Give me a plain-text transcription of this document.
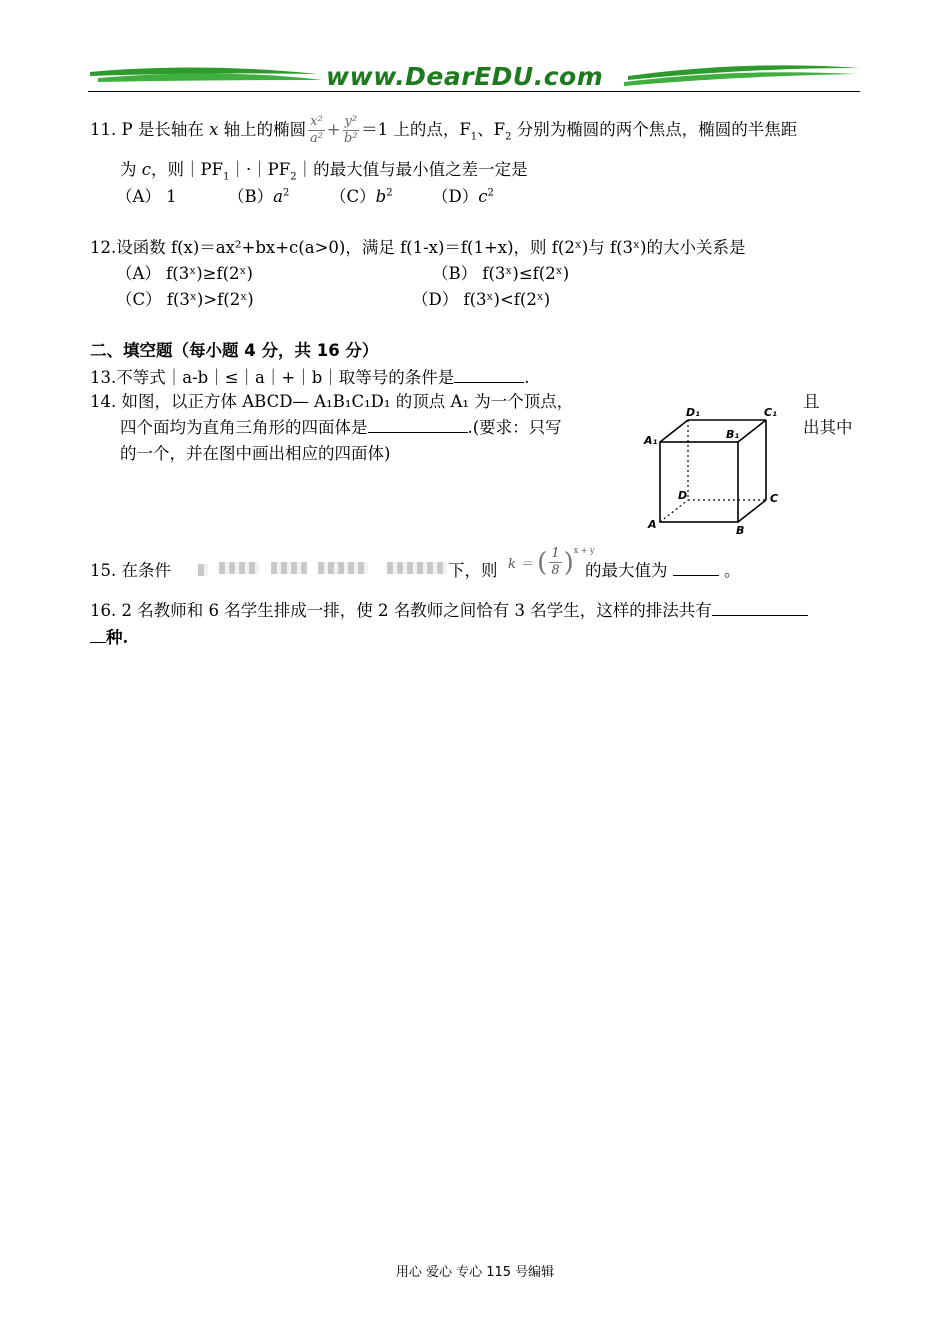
www.DearEDU.com
11. P 是长轴在 x 轴上的椭圆 $\frac{\text{x²}}{\text{a²}} + \frac{\text{y²}}{\text{b²}} =1$ 上的点，$F_1$、$F_2$ 分别为椭圆的两个焦点，椭圆的半焦距
为 c，则$|PF_1|\cdot|PF_2|$的最大值与最小值之差一定是
（A） 1	$(B)a^2$ $(C)b^2$ $(D)c^2$
12.设函数 f(x)＝ax²+bx+c(a>0)，满足 f(1-x)＝f(1+x)，则 f(2ˣ)与 f(3ˣ)的大小关系是
（A） f(3ˣ)≥f(2ˣ)	（B） f(3ˣ)≤f(2ˣ)
（C） f(3ˣ)>f(2ˣ)	（D） f(3ˣ)<f(2ˣ)
二、填空题（每小题 4 分，共 16 分）
13.不等式｜a-b｜≤｜a｜+｜b｜取等号的条件是	.
14. 如图，以正方体 ABCD— A₁B₁C₁D₁ 的顶点 A₁ 为一个顶点，	且
四个面均为直角三角形的四面体是	.(要求：只写	出其中
的一个，并在图中画出相应的四面体)
D₁	C₁
A₁	B₁
D	C
A	B
15. 在条件
	下，则 k ＝ ( $\frac{1}{8} )^{x + y}$
的最大值为	。
16. 2 名教师和 6 名学生排成一排，使 2 名教师之间恰有 3 名学生，这样的排法共有
种.
用心 爱心 专心 115 号编辑
